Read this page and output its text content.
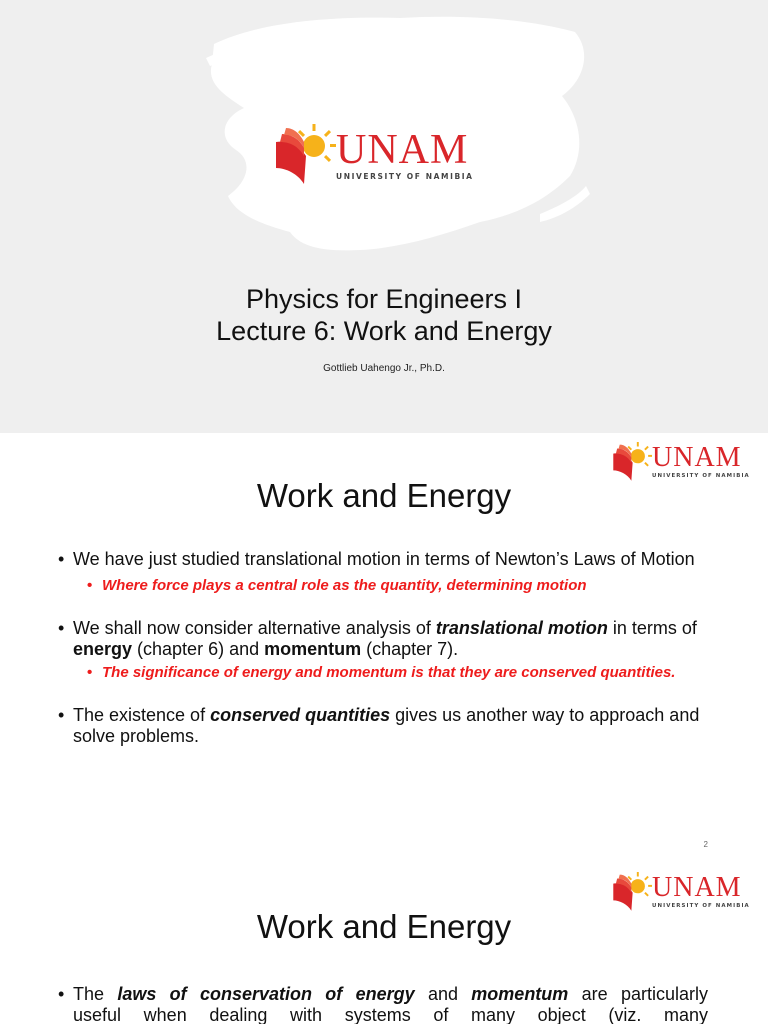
UNAM
UNIVERSITY OF NAMIBIA
Physics for Engineers I
Lecture 6: Work and Energy
Gottlieb Uahengo Jr., Ph.D.
UNAM
UNIVERSITY OF NAMIBIA
Work and Energy
• We have just studied translational motion in terms of Newton’s Laws of Motion
• Where force plays a central role as the quantity, determining motion
• We shall now consider alternative analysis of translational motion in terms of energy (chapter 6) and momentum (chapter 7).
• The significance of energy and momentum is that they are conserved quantities.
• The existence of conserved quantities gives us another way to approach and solve problems.
2
UNAM
UNIVERSITY OF NAMIBIA
Work and Energy
• The laws of conservation of energy and momentum are particularly
useful when dealing with systems of many object (viz. many
